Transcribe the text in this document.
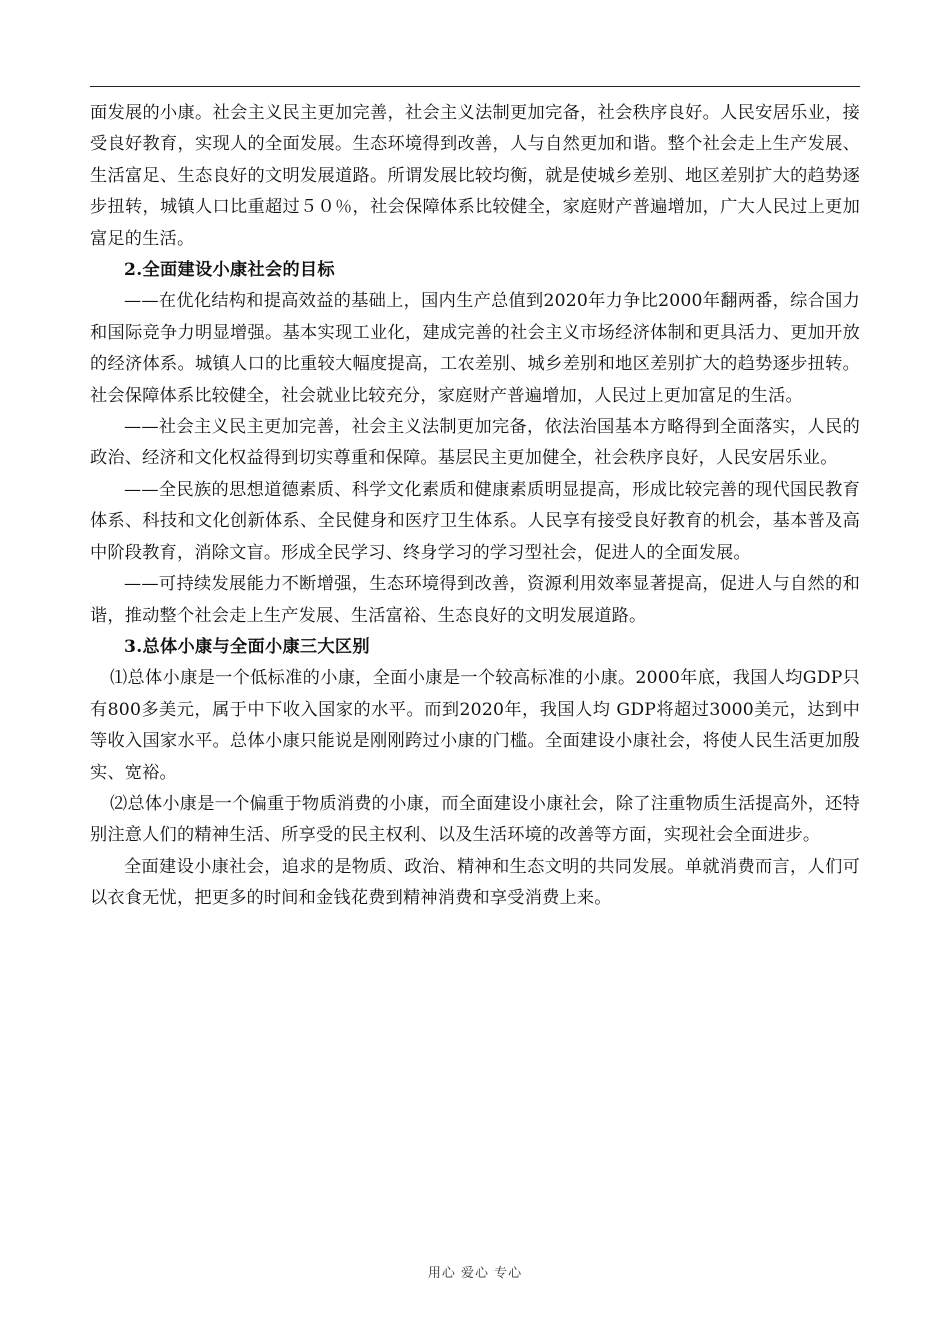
面发展的小康。社会主义民主更加完善，社会主义法制更加完备，社会秩序良好。人民安居乐业，接受良好教育，实现人的全面发展。生态环境得到改善，人与自然更加和谐。整个社会走上生产发展、生活富足、生态良好的文明发展道路。所谓发展比较均衡，就是使城乡差别、地区差别扩大的趋势逐步扭转，城镇人口比重超过５０％，社会保障体系比较健全，家庭财产普遍增加，广大人民过上更加富足的生活。

2.全面建设小康社会的目标

——在优化结构和提高效益的基础上，国内生产总值到2020年力争比2000年翻两番，综合国力和国际竞争力明显增强。基本实现工业化，建成完善的社会主义市场经济体制和更具活力、更加开放的经济体系。城镇人口的比重较大幅度提高，工农差别、城乡差别和地区差别扩大的趋势逐步扭转。社会保障体系比较健全，社会就业比较充分，家庭财产普遍增加，人民过上更加富足的生活。

——社会主义民主更加完善，社会主义法制更加完备，依法治国基本方略得到全面落实，人民的政治、经济和文化权益得到切实尊重和保障。基层民主更加健全，社会秩序良好，人民安居乐业。

——全民族的思想道德素质、科学文化素质和健康素质明显提高，形成比较完善的现代国民教育体系、科技和文化创新体系、全民健身和医疗卫生体系。人民享有接受良好教育的机会，基本普及高中阶段教育，消除文盲。形成全民学习、终身学习的学习型社会，促进人的全面发展。

——可持续发展能力不断增强，生态环境得到改善，资源利用效率显著提高，促进人与自然的和谐，推动整个社会走上生产发展、生活富裕、生态良好的文明发展道路。

3.总体小康与全面小康三大区别

⑴总体小康是一个低标准的小康，全面小康是一个较高标准的小康。2000年底，我国人均GDP只有800多美元，属于中下收入国家的水平。而到2020年，我国人均 GDP将超过3000美元，达到中等收入国家水平。总体小康只能说是刚刚跨过小康的门槛。全面建设小康社会，将使人民生活更加殷实、宽裕。

⑵总体小康是一个偏重于物质消费的小康，而全面建设小康社会，除了注重物质生活提高外，还特别注意人们的精神生活、所享受的民主权利、以及生活环境的改善等方面，实现社会全面进步。

全面建设小康社会，追求的是物质、政治、精神和生态文明的共同发展。单就消费而言，人们可以衣食无忧，把更多的时间和金钱花费到精神消费和享受消费上来。

用心 爱心 专心
